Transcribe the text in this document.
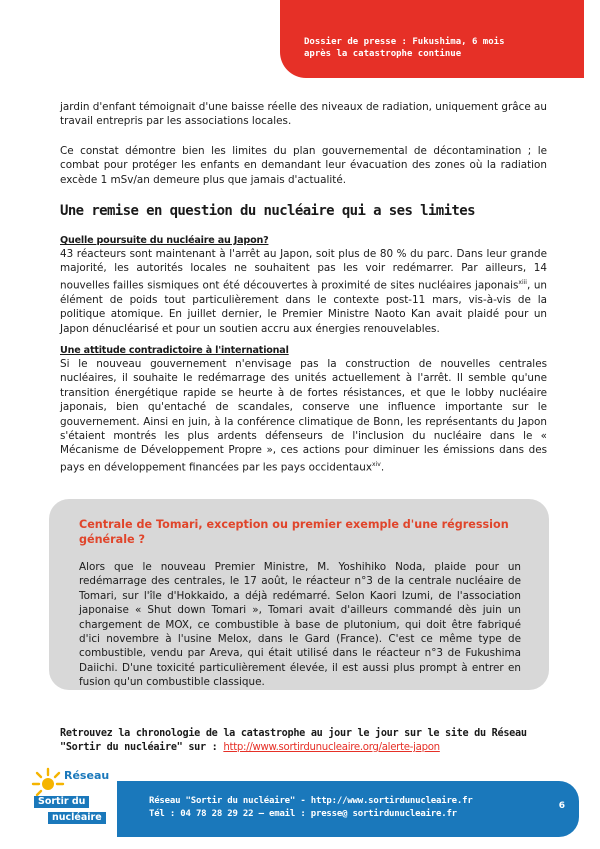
Dossier de presse : Fukushima, 6 mois
après la catastrophe continue

jardin d'enfant témoignait d'une baisse réelle des niveaux de radiation, uniquement grâce au travail entrepris par les associations locales.

Ce constat démontre bien les limites du plan gouvernemental de décontamination ; le combat pour protéger les enfants en demandant leur évacuation des zones où la radiation excède 1 mSv/an demeure plus que jamais d'actualité.

Une remise en question du nucléaire qui a ses limites
Quelle poursuite du nucléaire au Japon?

43 réacteurs sont maintenant à l'arrêt au Japon, soit plus de 80 % du parc. Dans leur grande majorité, les autorités locales ne souhaitent pas les voir redémarrer. Par ailleurs, 14 nouvelles failles sismiques ont été découvertes à proximité de sites nucléaires japonais$^{xiii}$, un élément de poids tout particulièrement dans le contexte post-11 mars, vis-à-vis de la politique atomique. En juillet dernier, le Premier Ministre Naoto Kan avait plaidé pour un Japon dénucléarisé et pour un soutien accru aux énergies renouvelables.

Une attitude contradictoire à l'international

Si le nouveau gouvernement n'envisage pas la construction de nouvelles centrales nucléaires, il souhaite le redémarrage des unités actuellement à l'arrêt. Il semble qu'une transition énergétique rapide se heurte à de fortes résistances, et que le lobby nucléaire japonais, bien qu'entaché de scandales, conserve une influence importante sur le gouvernement. Ainsi en juin, à la conférence climatique de Bonn, les représentants du Japon s'étaient montrés les plus ardents défenseurs de l'inclusion du nucléaire dans le « Mécanisme de Développement Propre », ces actions pour diminuer les émissions dans des pays en développement financées par les pays occidentaux$^{xiv}$.

Centrale de Tomari, exception ou premier exemple d'une régression générale ?

Alors que le nouveau Premier Ministre, M. Yoshihiko Noda, plaide pour un redémarrage des centrales, le 17 août, le réacteur n°3 de la centrale nucléaire de Tomari, sur l'île d'Hokkaido, a déjà redémarré. Selon Kaori Izumi, de l'association japonaise « Shut down Tomari », Tomari avait d'ailleurs commandé dès juin un chargement de MOX, ce combustible à base de plutonium, qui doit être fabriqué d'ici novembre à l'usine Melox, dans le Gard (France). C'est ce même type de combustible, vendu par Areva, qui était utilisé dans le réacteur n°3 de Fukushima Daiichi. D'une toxicité particulièrement élevée, il est aussi plus prompt à entrer en fusion qu'un combustible classique.

Retrouvez la chronologie de la catastrophe au jour le jour sur le site du Réseau "Sortir du nucléaire" sur : http://www.sortirdunucleaire.org/alerte-japon
Réseau
Sortir du
nucléaire
Réseau "Sortir du nucléaire" - http://www.sortirdunucleaire.fr
Tél : 04 78 28 29 22 – email : presse@ sortirdunucleaire.fr
6
